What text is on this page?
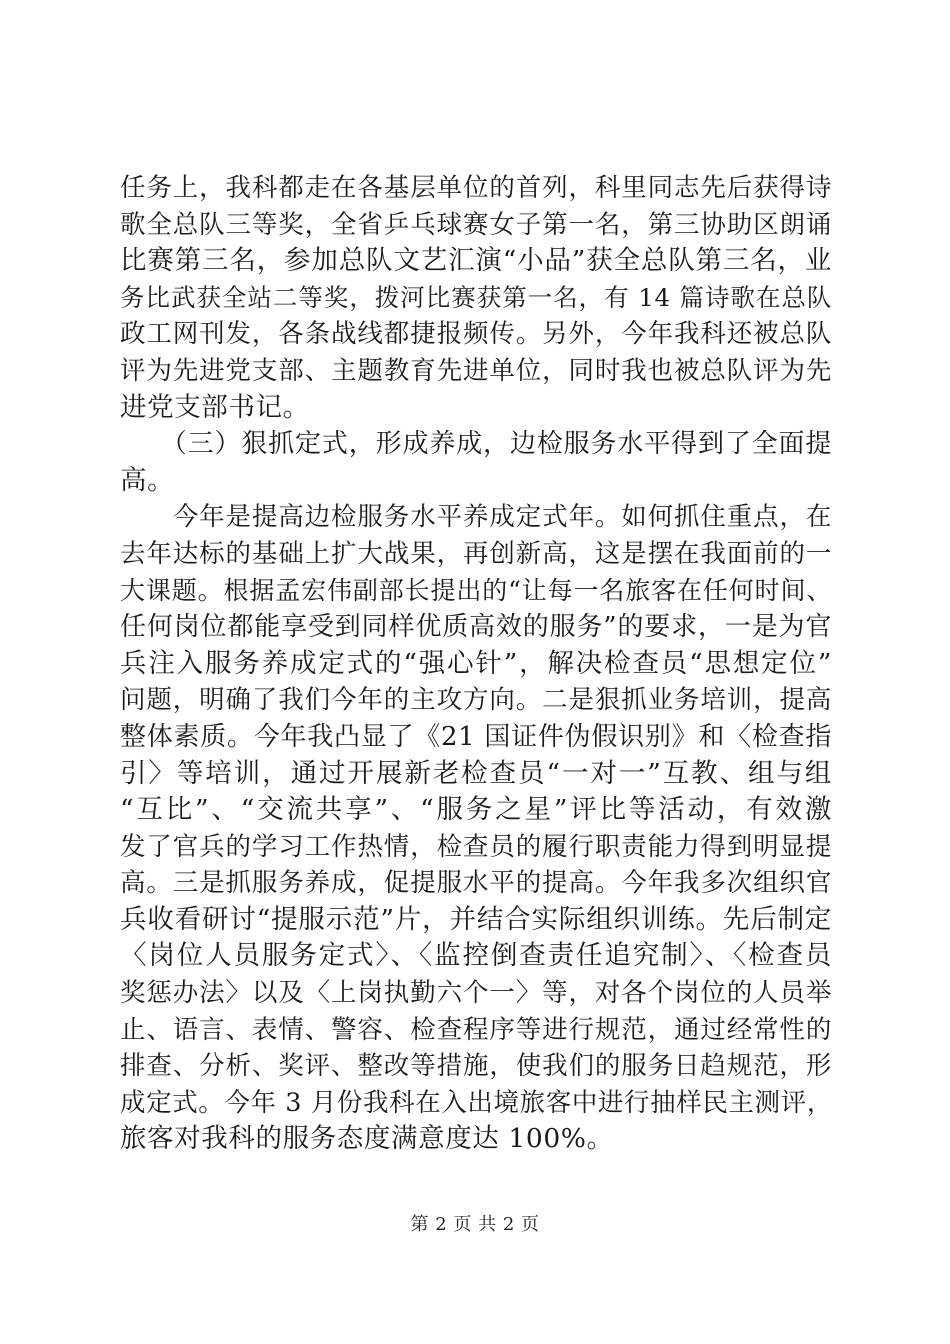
任务上，我科都走在各基层单位的首列，科里同志先后获得诗
歌全总队三等奖，全省乒乓球赛女子第一名，第三协助区朗诵
比赛第三名，参加总队文艺汇演“小品”获全总队第三名，业
务比武获全站二等奖，拨河比赛获第一名，有 14 篇诗歌在总队
政工网刊发，各条战线都捷报频传。另外，今年我科还被总队
评为先进党支部、主题教育先进单位，同时我也被总队评为先
进党支部书记。
　　（三）狠抓定式，形成养成，边检服务水平得到了全面提
高。
　　今年是提高边检服务水平养成定式年。如何抓住重点，在
去年达标的基础上扩大战果，再创新高，这是摆在我面前的一
大课题。根据孟宏伟副部长提出的“让每一名旅客在任何时间、
任何岗位都能享受到同样优质高效的服务”的要求，一是为官
兵注入服务养成定式的“强心针”，解决检查员“思想定位”
问题，明确了我们今年的主攻方向。二是狠抓业务培训，提高
整体素质。今年我凸显了《21 国证件伪假识别》和〈检查指
引〉等培训，通过开展新老检查员“一对一”互教、组与组
“互比”、“交流共享”、“服务之星”评比等活动，有效激
发了官兵的学习工作热情，检查员的履行职责能力得到明显提
高。三是抓服务养成，促提服水平的提高。今年我多次组织官
兵收看研讨“提服示范”片，并结合实际组织训练。先后制定
〈岗位人员服务定式〉、〈监控倒查责任追究制〉、〈检查员
奖惩办法〉以及〈上岗执勤六个一〉等，对各个岗位的人员举
止、语言、表情、警容、检查程序等进行规范，通过经常性的
排查、分析、奖评、整改等措施，使我们的服务日趋规范，形
成定式。今年 3 月份我科在入出境旅客中进行抽样民主测评，
旅客对我科的服务态度满意度达 100%。
第 2 页 共 2 页
